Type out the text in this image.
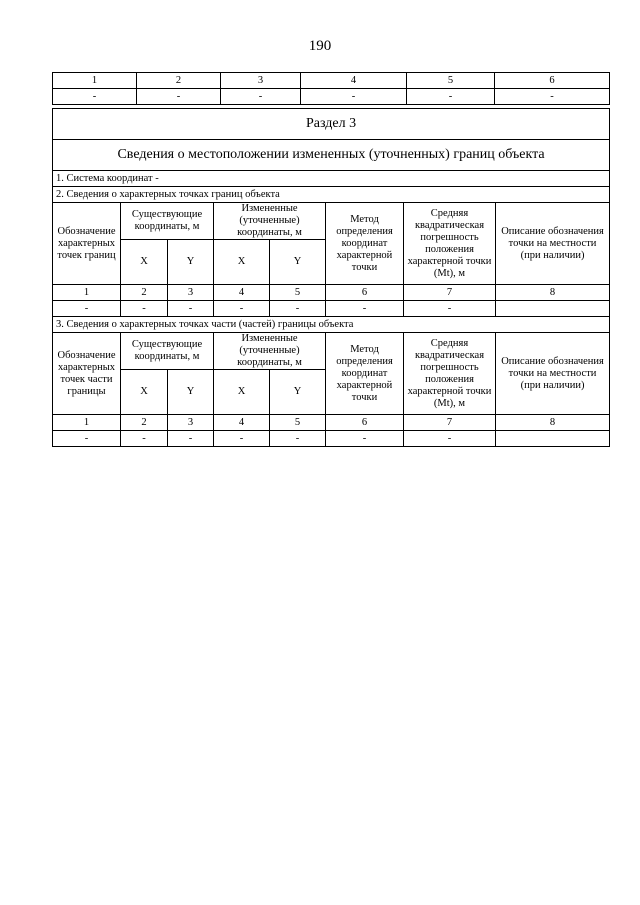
190
1	2	3	4	5	6
-	-	-	-	-	-
Раздел 3							
Сведения о местоположении измененных (уточненных) границ объекта							
1. Система координат -							
2. Сведения о характерных точках границ объекта							
Обозначение характерных точек границ	Существующие координаты, м		Измененные (уточненные) координаты, м		Метод определения координат характерной точки	Средняя квадратическая погрешность положения характерной точки (Mt), м	Описание обозначения точки на местности (при наличии)
	X	Y	X	Y			
1	2	3	4	5	6	7	8
-	-	-	-	-	-	-	
3. Сведения о характерных точках части (частей) границы объекта							
Обозначение характерных точек части границы	Существующие координаты, м		Измененные (уточненные) координаты, м		Метод определения координат характерной точки	Средняя квадратическая погрешность положения характерной точки (Mt), м	Описание обозначения точки на местности (при наличии)
	X	Y	X	Y			
1	2	3	4	5	6	7	8
-	-	-	-	-	-	-	
